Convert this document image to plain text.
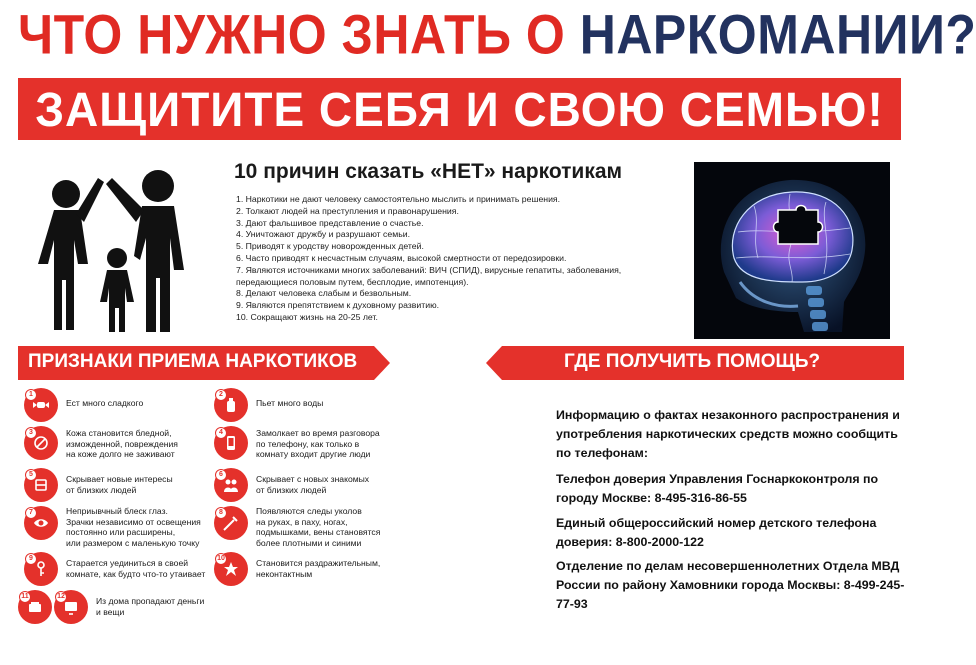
ЧТО НУЖНО ЗНАТЬ О НАРКОМАНИИ?
ЗАЩИТИТЕ СЕБЯ И СВОЮ СЕМЬЮ!
10 причин сказать «НЕТ» наркотикам
1. Наркотики не дают человеку самостоятельно мыслить и принимать решения.
2. Толкают людей на преступления и правонарушения.
3. Дают фальшивое представление о счастье.
4. Уничтожают дружбу и разрушают семьи.
5. Приводят к уродству новорожденных детей.
6. Часто приводят к несчастным случаям, высокой смертности от передозировки.
7. Являются источниками многих заболеваний: ВИЧ (СПИД), вирусные гепатиты, заболевания, передающиеся половым путем, бесплодие, импотенция).
8. Делают человека слабым и безвольным.
9. Являются препятствием к духовному развитию.
10. Сокращают жизнь на 20-25 лет.
ПРИЗНАКИ ПРИЕМА НАРКОТИКОВ	ГДЕ ПОЛУЧИТЬ ПОМОЩЬ?
1
Ест много сладкого
3	Кожа становится бледной,
изможденной, повреждения
на коже долго не заживают
5	Скрывает новые интересы
от близких людей
7	Неприывчный блеск глаз.
Зрачки независимо от освещения
постоянно или расширены,
или размером с маленькую точку
9	Старается уединиться в своей
комнате, как будто что-то утаивает
11	12	Из дома пропадают деньги
и вещи
2
Пьет много воды
4	Замолкает во время разговора
по телефону, как только в
комнату входит другие люди
6	Скрывает с новых знакомых
от близких людей
8	Появляются следы уколов
на руках, в паху, ногах,
подмышками, вены становятся
более плотными и синими
10	Становится раздражительным,
неконтактным
Информацию о фактах незаконного распространения и употребления наркотических средств можно сообщить по телефонам:
Телефон доверия Управления Госнаркоконтроля по городу Москве: 8-495-316-86-55
Единый общероссийский номер детского телефона доверия: 8-800-2000-122
Отделение по делам несовершеннолетних Отдела МВД России по району Хамовники города Москвы: 8-499-245-77-93
